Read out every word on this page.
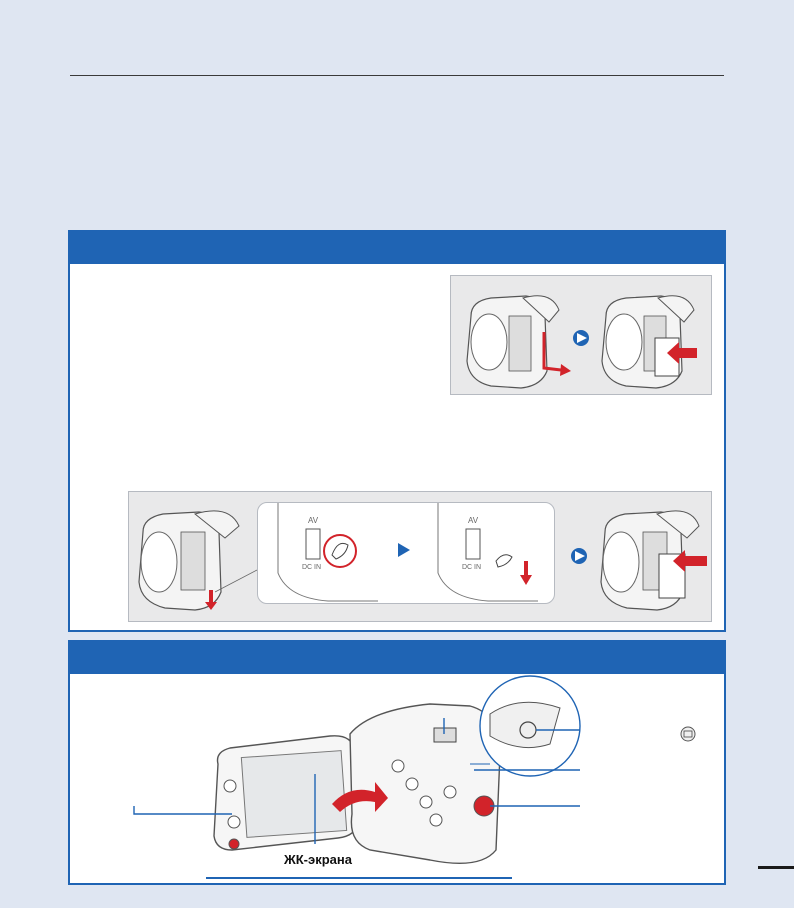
AV
DC IN
AV
DC IN
ЖК-экрана
